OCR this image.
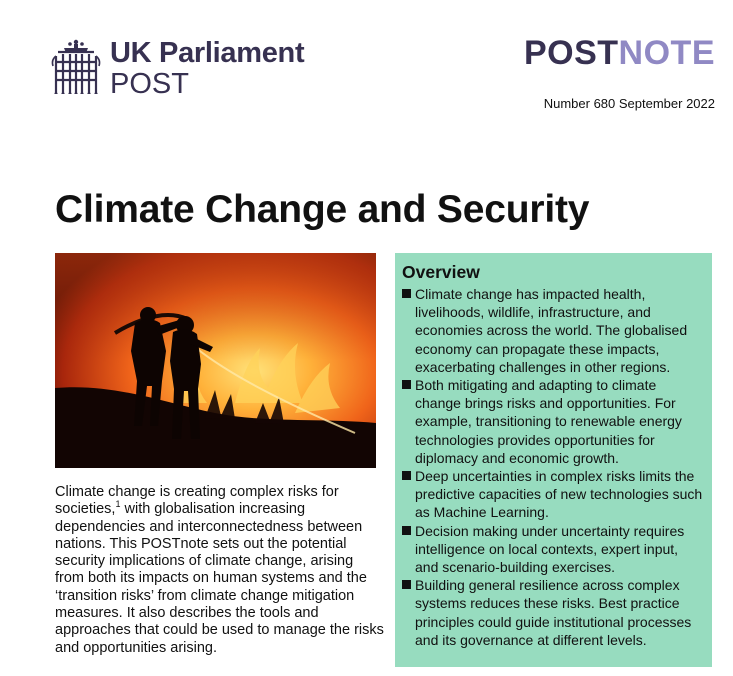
UK Parliament
POST
POSTNOTE
Number 680 September 2022
Climate Change and Security

Climate change is creating complex risks for societies,$^1$ with globalisation increasing dependencies and interconnectedness between nations. This POSTnote sets out the potential security implications of climate change, arising from both its impacts on human systems and the ‘transition risks’ from climate change mitigation measures. It also describes the tools and approaches that could be used to manage the risks and opportunities arising.

Overview
Climate change has impacted health, livelihoods, wildlife, infrastructure, and economies across the world. The globalised economy can propagate these impacts, exacerbating challenges in other regions.
Both mitigating and adapting to climate change brings risks and opportunities. For example, transitioning to renewable energy technologies provides opportunities for diplomacy and economic growth.
Deep uncertainties in complex risks limits the predictive capacities of new technologies such as Machine Learning.
Decision making under uncertainty requires intelligence on local contexts, expert input, and scenario-building exercises.
Building general resilience across complex systems reduces these risks. Best practice principles could guide institutional processes and its governance at different levels.
